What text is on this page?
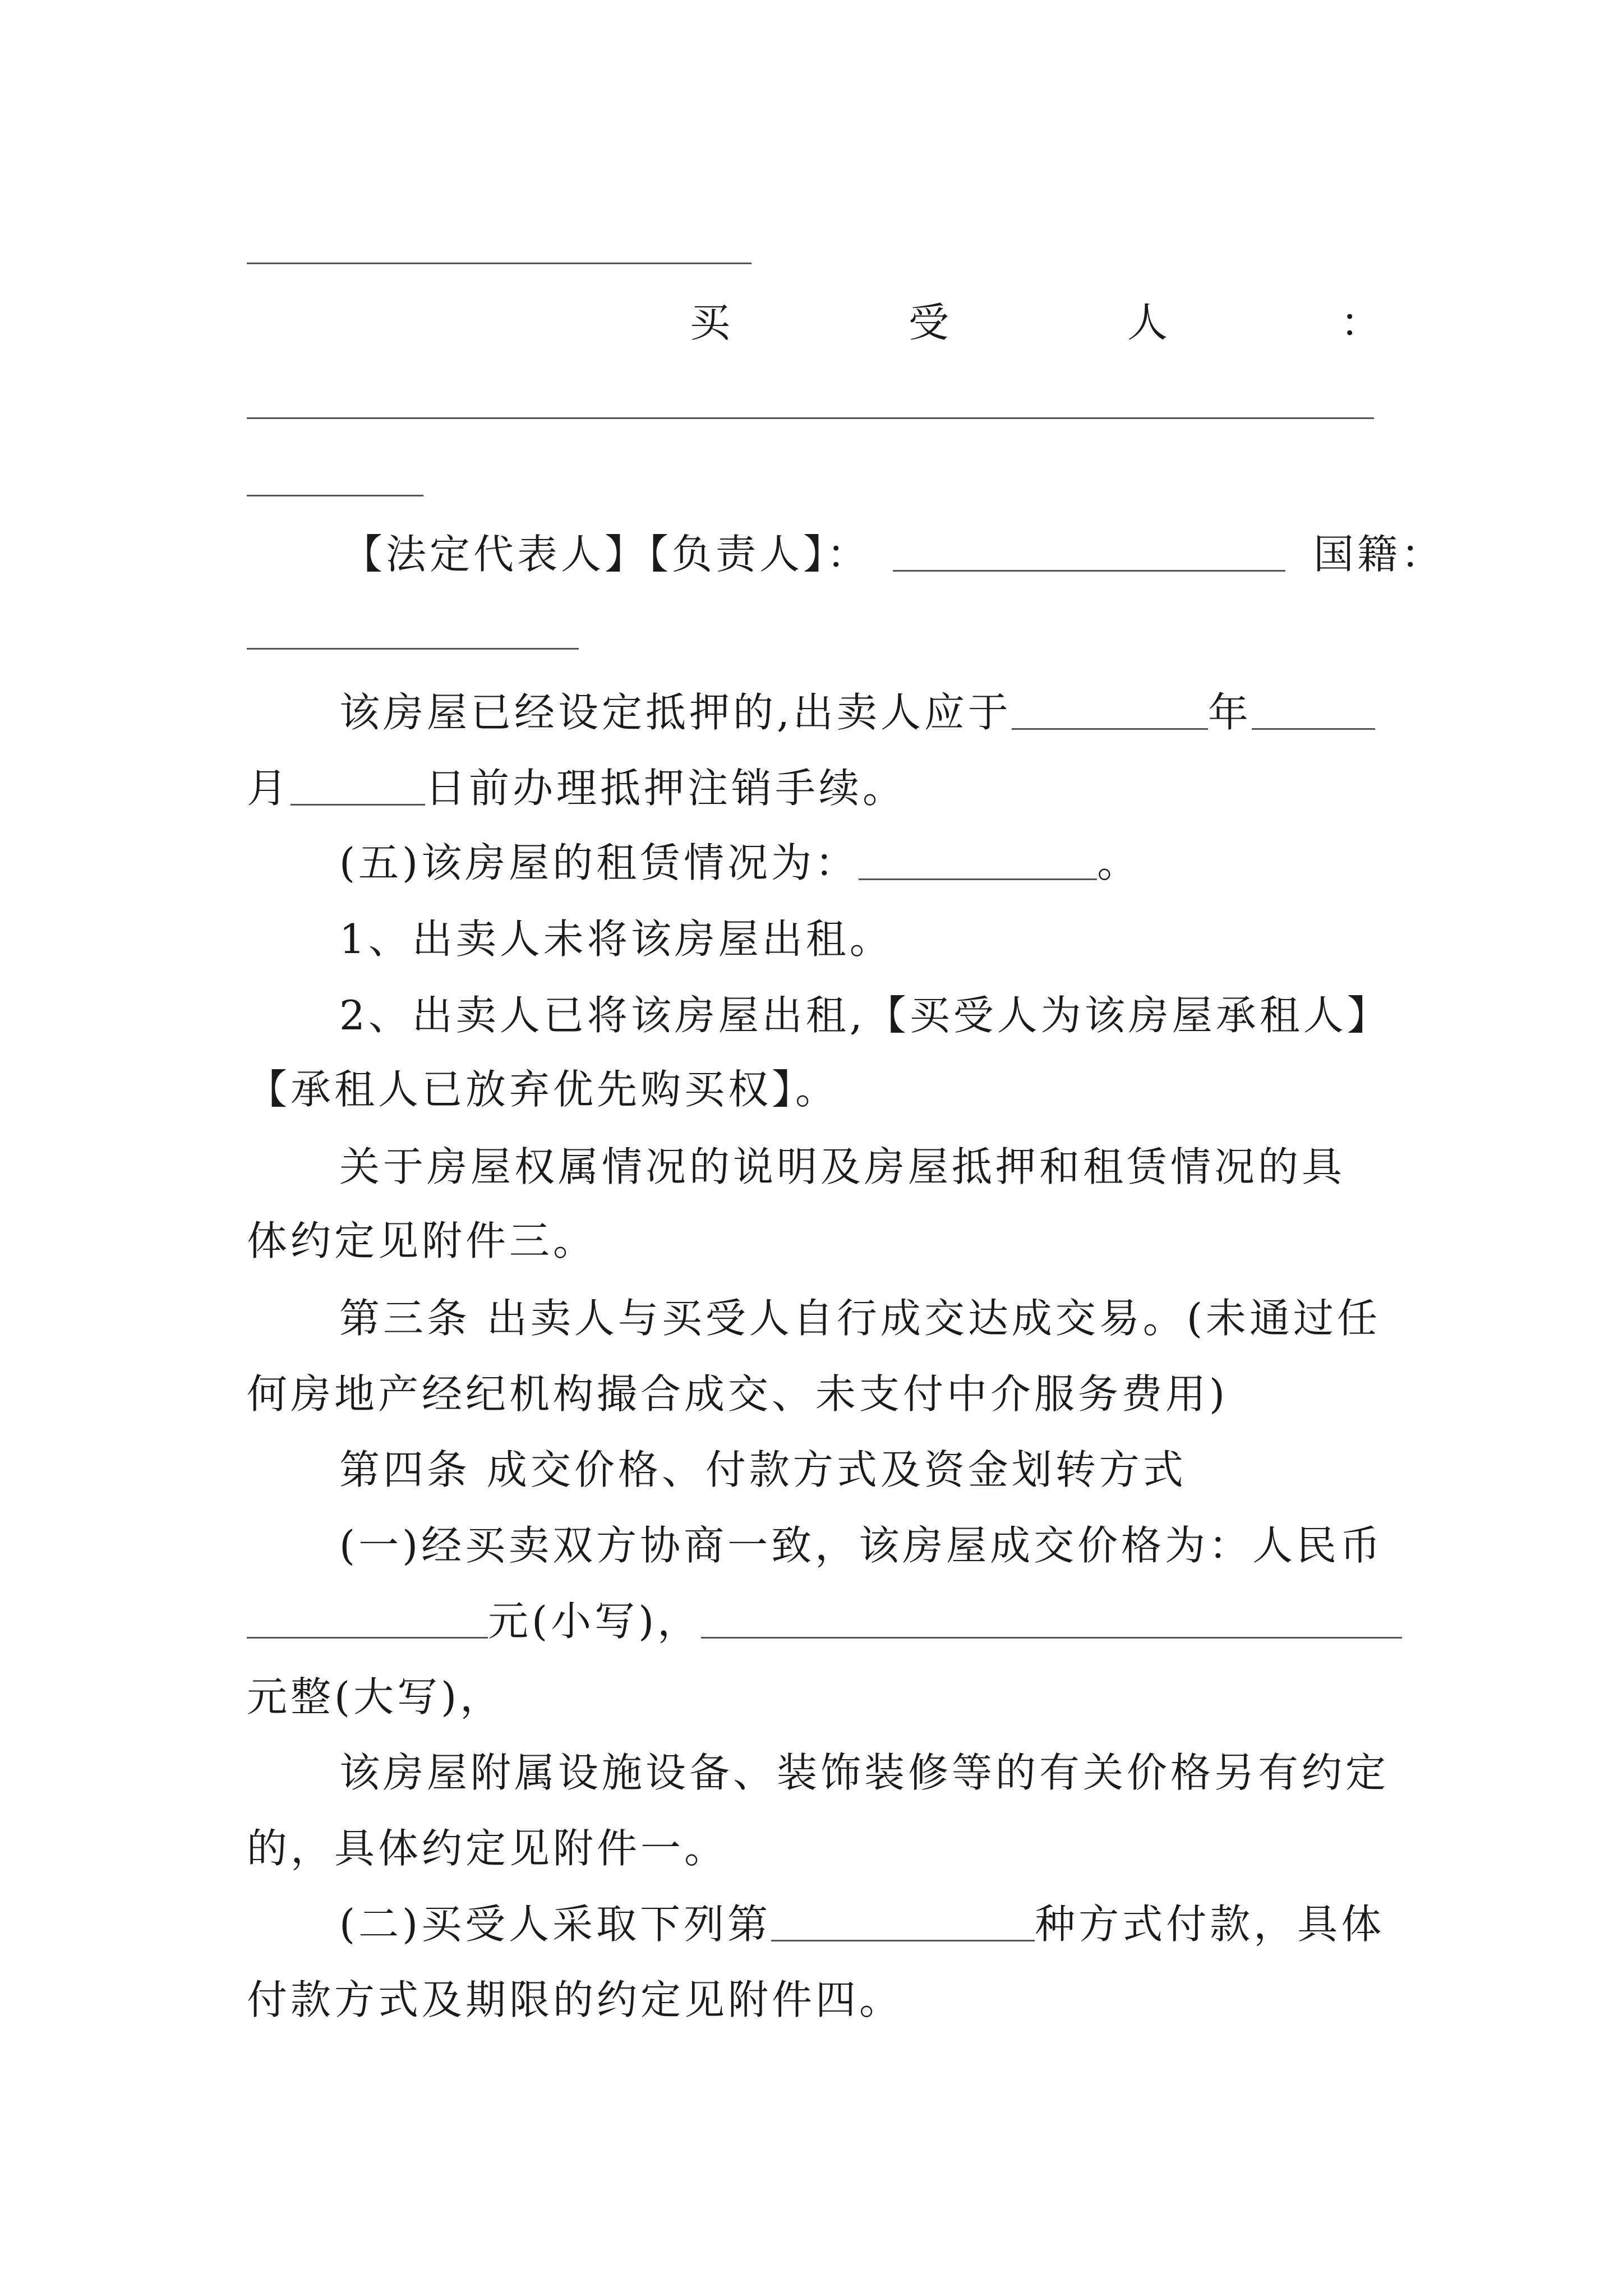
买	受	人	：
【法定代表人】【负责人】：	国籍：
该房屋已经设定抵押的,出卖人应于	年
月	日前办理抵押注销手续。
(五)该房屋的租赁情况为：	。
1、出卖人未将该房屋出租。
2、出卖人已将该房屋出租,【买受人为该房屋承租人】
【承租人已放弃优先购买权】。
关于房屋权属情况的说明及房屋抵押和租赁情况的具
体约定见附件三。
第三条 出卖人与买受人自行成交达成交易。(未通过任
何房地产经纪机构撮合成交、未支付中介服务费用)
第四条 成交价格、付款方式及资金划转方式
(一)经买卖双方协商一致，该房屋成交价格为：人民币
元(小写)，
元整(大写)，
该房屋附属设施设备、装饰装修等的有关价格另有约定
的，具体约定见附件一。
(二)买受人采取下列第	种方式付款，具体
付款方式及期限的约定见附件四。
